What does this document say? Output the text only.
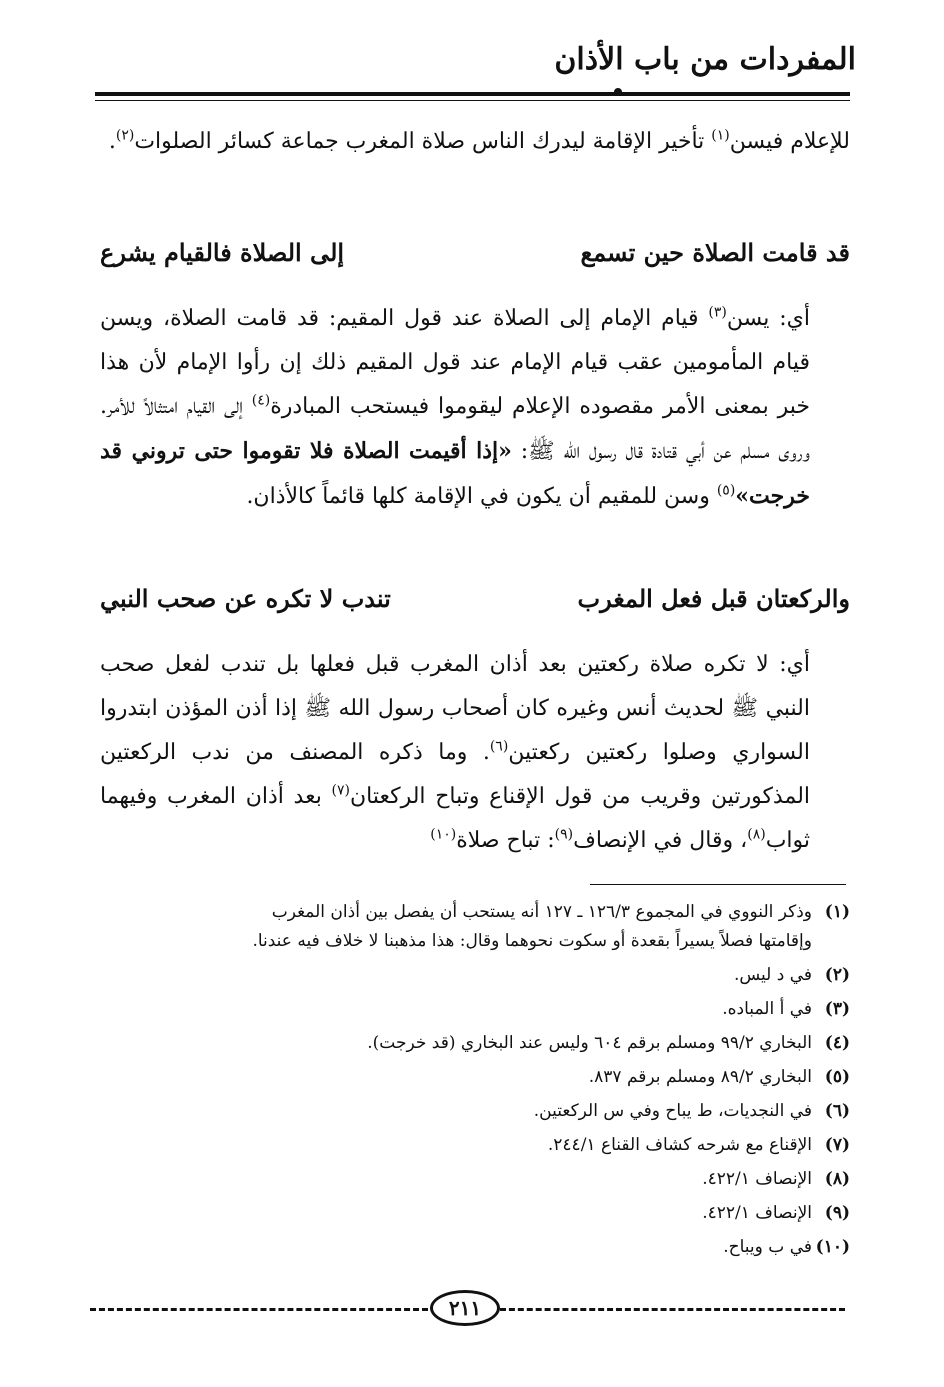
المفردات من باب الأذان

للإعلام فيسن$^{(١)}$ تأخير الإقامة ليدرك الناس صلاة المغرب جماعة كسائر الصلوات$^{(٢)}$.

قد قامت الصلاة حين تسمع
إلى الصلاة فالقيام يشرع

أي: يسن$^{(٣)}$ قيام الإمام إلى الصلاة عند قول المقيم: قد قامت الصلاة، ويسن قيام المأمومين عقب قيام الإمام عند قول المقيم ذلك إن رأوا الإمام لأن هذا خبر بمعنى الأمر مقصوده الإعلام ليقوموا فيستحب المبادرة$^{(٤)}$ إلى القيام امتثالاً للأمر. وروى مسلم عن أبي قتادة قال رسول الله ﷺ: «إذا أقيمت الصلاة فلا تقوموا حتى تروني قد خرجت»$^{(٥)}$ وسن للمقيم أن يكون في الإقامة كلها قائماً كالأذان.

والركعتان قبل فعل المغرب
تندب لا تكره عن صحب النبي

أي: لا تكره صلاة ركعتين بعد أذان المغرب قبل فعلها بل تندب لفعل صحب النبي ﷺ لحديث أنس وغيره كان أصحاب رسول الله ﷺ إذا أذن المؤذن ابتدروا السواري وصلوا ركعتين ركعتين$^{(٦)}$. وما ذكره المصنف من ندب الركعتين المذكورتين وقريب من قول الإقناع وتباح الركعتان$^{(٧)}$ بعد أذان المغرب وفيهما ثواب$^{(٨)}$، وقال في الإنصاف$^{(٩)}$: تباح صلاة$^{(١٠)}$

(١)وذكر النووي في المجموع ١٢٦/٣ ـ ١٢٧ أنه يستحب أن يفصل بين أذان المغرب
وإقامتها فصلاً يسيراً بقعدة أو سكوت نحوهما وقال: هذا مذهبنا لا خلاف فيه عندنا.
(٢)في د ليس.
(٣)في أ المباده.
(٤)البخاري ٩٩/٢ ومسلم برقم ٦٠٤ وليس عند البخاري (قد خرجت).
(٥)البخاري ٨٩/٢ ومسلم برقم ٨٣٧.
(٦)في النجديات، ط يباح وفي س الركعتين.
(٧)الإقناع مع شرحه كشاف القناع ٢٤٤/١.
(٨)الإنصاف ٤٢٢/١.
(٩)الإنصاف ٤٢٢/١.
(١٠)في ب ويباح.
٢١١
